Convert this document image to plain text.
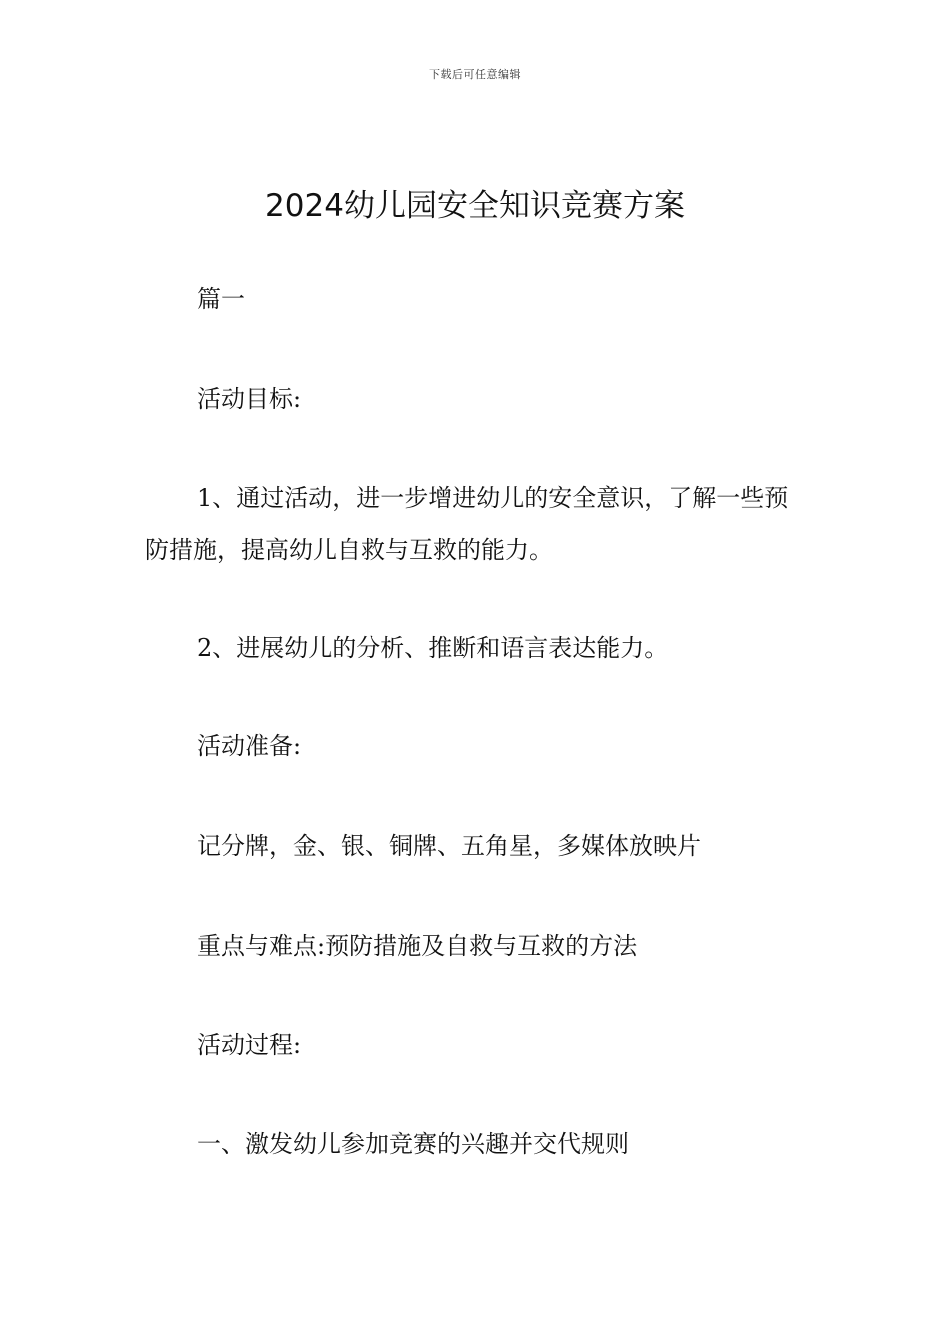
下载后可任意编辑
2024幼儿园安全知识竞赛方案

篇一

活动目标:

1、通过活动，进一步增进幼儿的安全意识，了解一些预防措施，提高幼儿自救与互救的能力。

2、进展幼儿的分析、推断和语言表达能力。

活动准备:

记分牌，金、银、铜牌、五角星，多媒体放映片

重点与难点:预防措施及自救与互救的方法

活动过程:

一、激发幼儿参加竞赛的兴趣并交代规则
